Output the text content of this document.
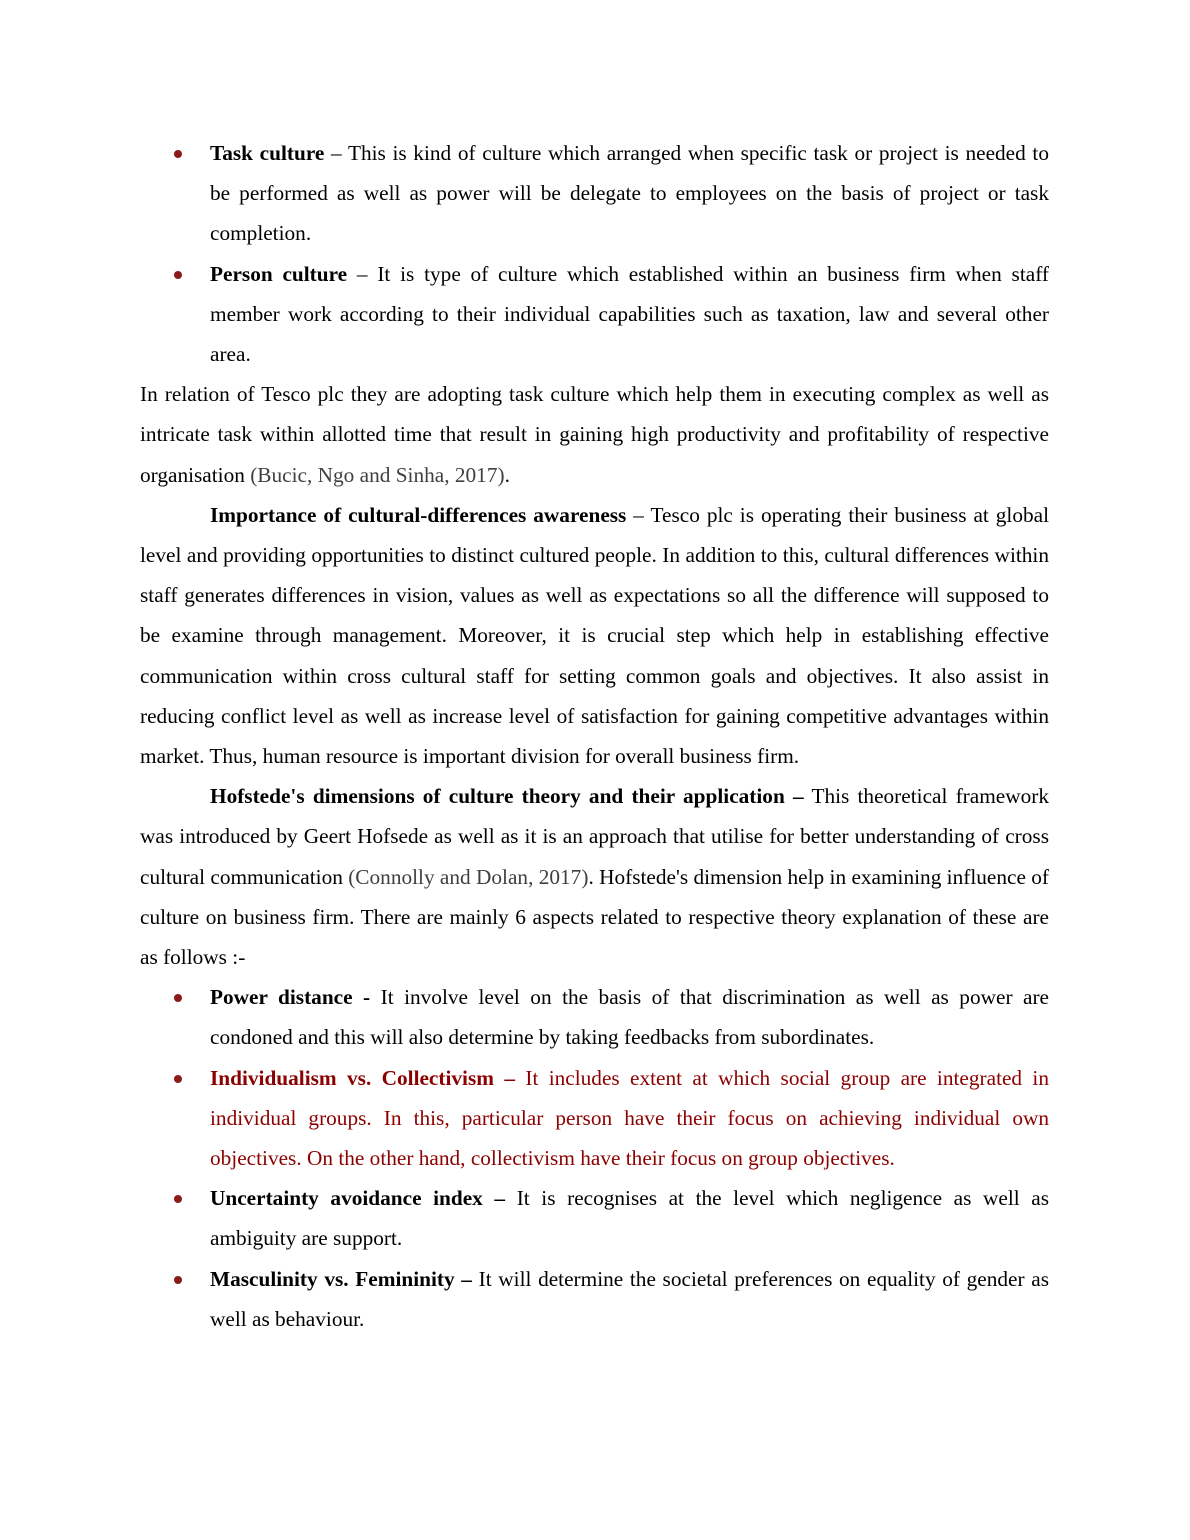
Task culture – This is kind of culture which arranged when specific task or project is needed to be performed as well as power will be delegate to employees on the basis of project or task completion.
Person culture – It is type of culture which established within an business firm when staff member work according to their individual capabilities such as taxation, law and several other area.

In relation of Tesco plc they are adopting task culture which help them in executing complex as well as intricate task within allotted time that result in gaining high productivity and profitability of respective organisation (Bucic, Ngo and Sinha, 2017).

Importance of cultural-differences awareness – Tesco plc is operating their business at global level and providing opportunities to distinct cultured people. In addition to this, cultural differences within staff generates differences in vision, values as well as expectations so all the difference will supposed to be examine through management. Moreover, it is crucial step which help in establishing effective communication within cross cultural staff for setting common goals and objectives. It also assist in reducing conflict level as well as increase level of satisfaction for gaining competitive advantages within market. Thus, human resource is important division for overall business firm.

Hofstede's dimensions of culture theory and their application – This theoretical framework was introduced by Geert Hofsede as well as it is an approach that utilise for better understanding of cross cultural communication (Connolly and Dolan, 2017). Hofstede's dimension help in examining influence of culture on business firm. There are mainly 6 aspects related to respective theory explanation of these are as follows :-

Power distance - It involve level on the basis of that discrimination as well as power are condoned and this will also determine by taking feedbacks from subordinates.
Individualism vs. Collectivism – It includes extent at which social group are integrated in individual groups. In this, particular person have their focus on achieving individual own objectives. On the other hand, collectivism have their focus on group objectives.
Uncertainty avoidance index – It is recognises at the level which negligence as well as ambiguity are support.
Masculinity vs. Femininity – It will determine the societal preferences on equality of gender as well as behaviour.
